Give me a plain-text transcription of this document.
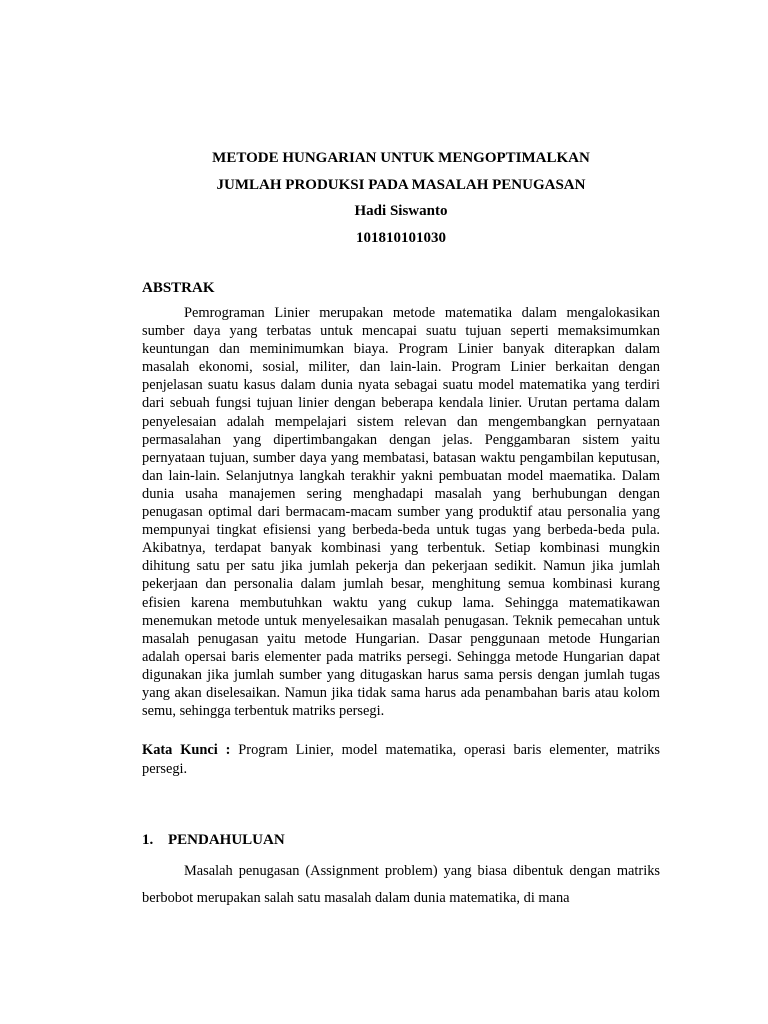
METODE HUNGARIAN UNTUK MENGOPTIMALKAN
JUMLAH PRODUKSI PADA MASALAH PENUGASAN
Hadi Siswanto
101810101030
ABSTRAK
Pemrograman Linier merupakan metode matematika dalam mengalokasikan sumber daya yang terbatas untuk mencapai suatu tujuan seperti memaksimumkan keuntungan dan meminimumkan biaya. Program Linier banyak diterapkan dalam masalah ekonomi, sosial, militer, dan lain-lain. Program Linier berkaitan dengan penjelasan suatu kasus dalam dunia nyata sebagai suatu model matematika yang terdiri dari sebuah fungsi tujuan linier dengan beberapa kendala linier. Urutan pertama dalam penyelesaian adalah mempelajari sistem relevan dan mengembangkan pernyataan permasalahan yang dipertimbangakan dengan jelas. Penggambaran sistem yaitu pernyataan tujuan, sumber daya yang membatasi, batasan waktu pengambilan keputusan, dan lain-lain. Selanjutnya langkah terakhir yakni pembuatan model maematika. Dalam dunia usaha manajemen sering menghadapi masalah yang berhubungan dengan penugasan optimal dari bermacam-macam sumber yang produktif atau personalia yang mempunyai tingkat efisiensi yang berbeda-beda untuk tugas yang berbeda-beda pula. Akibatnya, terdapat banyak kombinasi yang terbentuk. Setiap kombinasi mungkin dihitung satu per satu jika jumlah pekerja dan pekerjaan sedikit. Namun jika jumlah pekerjaan dan personalia dalam jumlah besar, menghitung semua kombinasi kurang efisien karena membutuhkan waktu yang cukup lama. Sehingga matematikawan menemukan metode untuk menyelesaikan masalah penugasan. Teknik pemecahan untuk masalah penugasan yaitu metode Hungarian. Dasar penggunaan metode Hungarian adalah opersai baris elementer pada matriks persegi. Sehingga metode Hungarian dapat digunakan jika jumlah sumber yang ditugaskan harus sama persis dengan jumlah tugas yang akan diselesaikan. Namun jika tidak sama harus ada penambahan baris atau kolom semu, sehingga terbentuk matriks persegi.
Kata Kunci : Program Linier, model matematika, operasi baris elementer, matriks persegi.
1. PENDAHULUAN
Masalah penugasan (Assignment problem) yang biasa dibentuk dengan matriks berbobot merupakan salah satu masalah dalam dunia matematika, di mana
